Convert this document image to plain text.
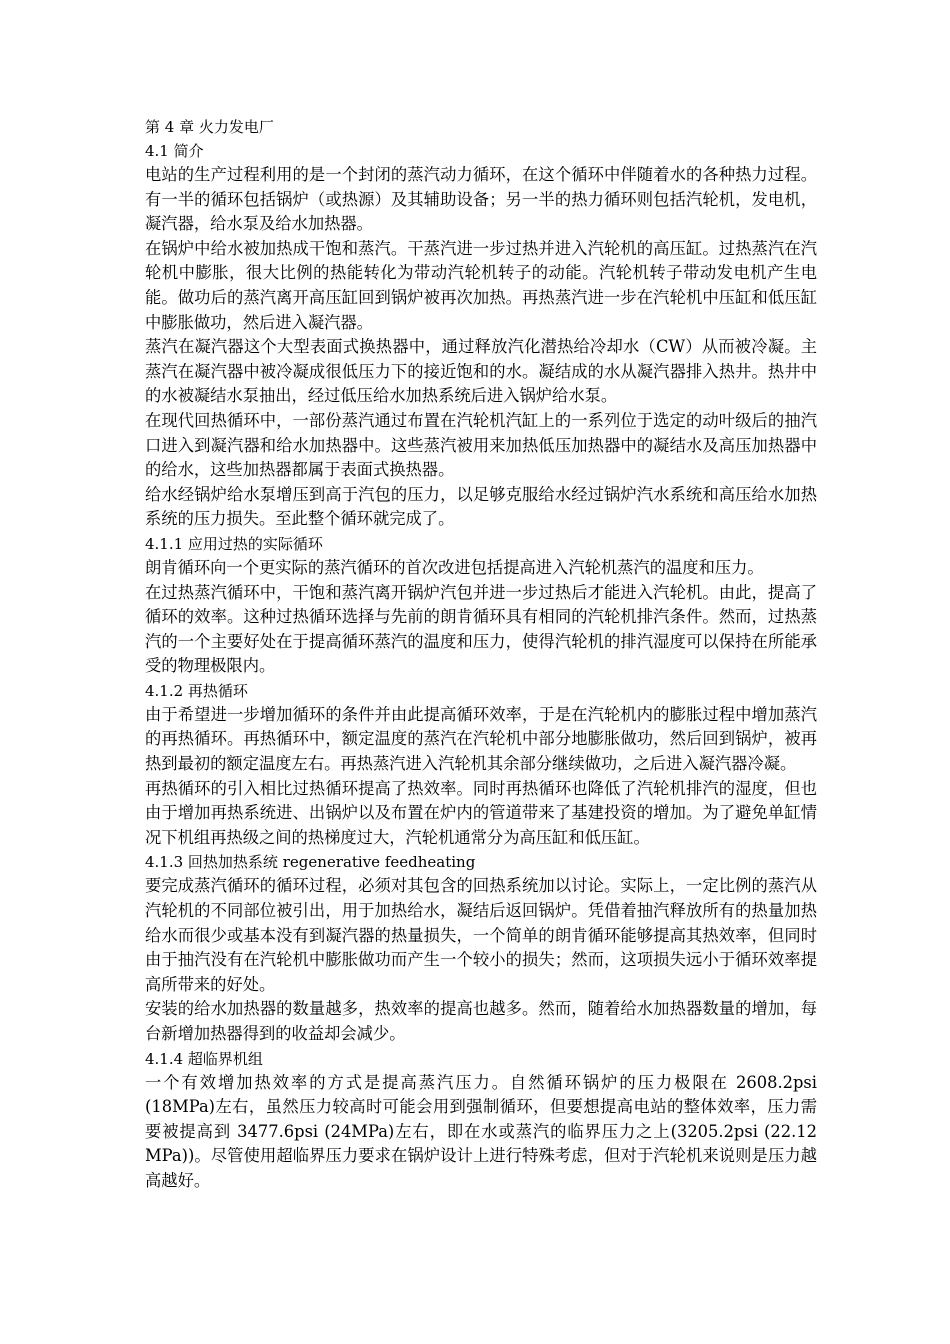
第 4 章 火力发电厂
4.1 简介

电站的生产过程利用的是一个封闭的蒸汽动力循环，在这个循环中伴随着水的各种热力过程。有一半的循环包括锅炉（或热源）及其辅助设备；另一半的热力循环则包括汽轮机，发电机，凝汽器，给水泵及给水加热器。

在锅炉中给水被加热成干饱和蒸汽。干蒸汽进一步过热并进入汽轮机的高压缸。过热蒸汽在汽轮机中膨胀，很大比例的热能转化为带动汽轮机转子的动能。汽轮机转子带动发电机产生电能。做功后的蒸汽离开高压缸回到锅炉被再次加热。再热蒸汽进一步在汽轮机中压缸和低压缸中膨胀做功，然后进入凝汽器。

蒸汽在凝汽器这个大型表面式换热器中，通过释放汽化潜热给冷却水（CW）从而被冷凝。主蒸汽在凝汽器中被冷凝成很低压力下的接近饱和的水。凝结成的水从凝汽器排入热井。热井中的水被凝结水泵抽出，经过低压给水加热系统后进入锅炉给水泵。

在现代回热循环中，一部份蒸汽通过布置在汽轮机汽缸上的一系列位于选定的动叶级后的抽汽口进入到凝汽器和给水加热器中。这些蒸汽被用来加热低压加热器中的凝结水及高压加热器中的给水，这些加热器都属于表面式换热器。

给水经锅炉给水泵增压到高于汽包的压力，以足够克服给水经过锅炉汽水系统和高压给水加热系统的压力损失。至此整个循环就完成了。

4.1.1 应用过热的实际循环

朗肯循环向一个更实际的蒸汽循环的首次改进包括提高进入汽轮机蒸汽的温度和压力。

在过热蒸汽循环中，干饱和蒸汽离开锅炉汽包并进一步过热后才能进入汽轮机。由此，提高了循环的效率。这种过热循环选择与先前的朗肯循环具有相同的汽轮机排汽条件。然而，过热蒸汽的一个主要好处在于提高循环蒸汽的温度和压力，使得汽轮机的排汽湿度可以保持在所能承受的物理极限内。

4.1.2 再热循环

由于希望进一步增加循环的条件并由此提高循环效率，于是在汽轮机内的膨胀过程中增加蒸汽的再热循环。再热循环中，额定温度的蒸汽在汽轮机中部分地膨胀做功，然后回到锅炉，被再热到最初的额定温度左右。再热蒸汽进入汽轮机其余部分继续做功，之后进入凝汽器冷凝。

再热循环的引入相比过热循环提高了热效率。同时再热循环也降低了汽轮机排汽的湿度，但也由于增加再热系统进、出锅炉以及布置在炉内的管道带来了基建投资的增加。为了避免单缸情况下机组再热级之间的热梯度过大，汽轮机通常分为高压缸和低压缸。

4.1.3 回热加热系统 regenerative feedheating

要完成蒸汽循环的循环过程，必须对其包含的回热系统加以讨论。实际上，一定比例的蒸汽从汽轮机的不同部位被引出，用于加热给水，凝结后返回锅炉。凭借着抽汽释放所有的热量加热给水而很少或基本没有到凝汽器的热量损失，一个简单的朗肯循环能够提高其热效率，但同时由于抽汽没有在汽轮机中膨胀做功而产生一个较小的损失；然而，这项损失远小于循环效率提高所带来的好处。

安装的给水加热器的数量越多，热效率的提高也越多。然而，随着给水加热器数量的增加，每台新增加热器得到的收益却会减少。

4.1.4 超临界机组

一个有效增加热效率的方式是提高蒸汽压力。自然循环锅炉的压力极限在 2608.2psi (18MPa)左右，虽然压力较高时可能会用到强制循环，但要想提高电站的整体效率，压力需要被提高到 3477.6psi (24MPa)左右，即在水或蒸汽的临界压力之上(3205.2psi (22.12 MPa))。尽管使用超临界压力要求在锅炉设计上进行特殊考虑，但对于汽轮机来说则是压力越高越好。
